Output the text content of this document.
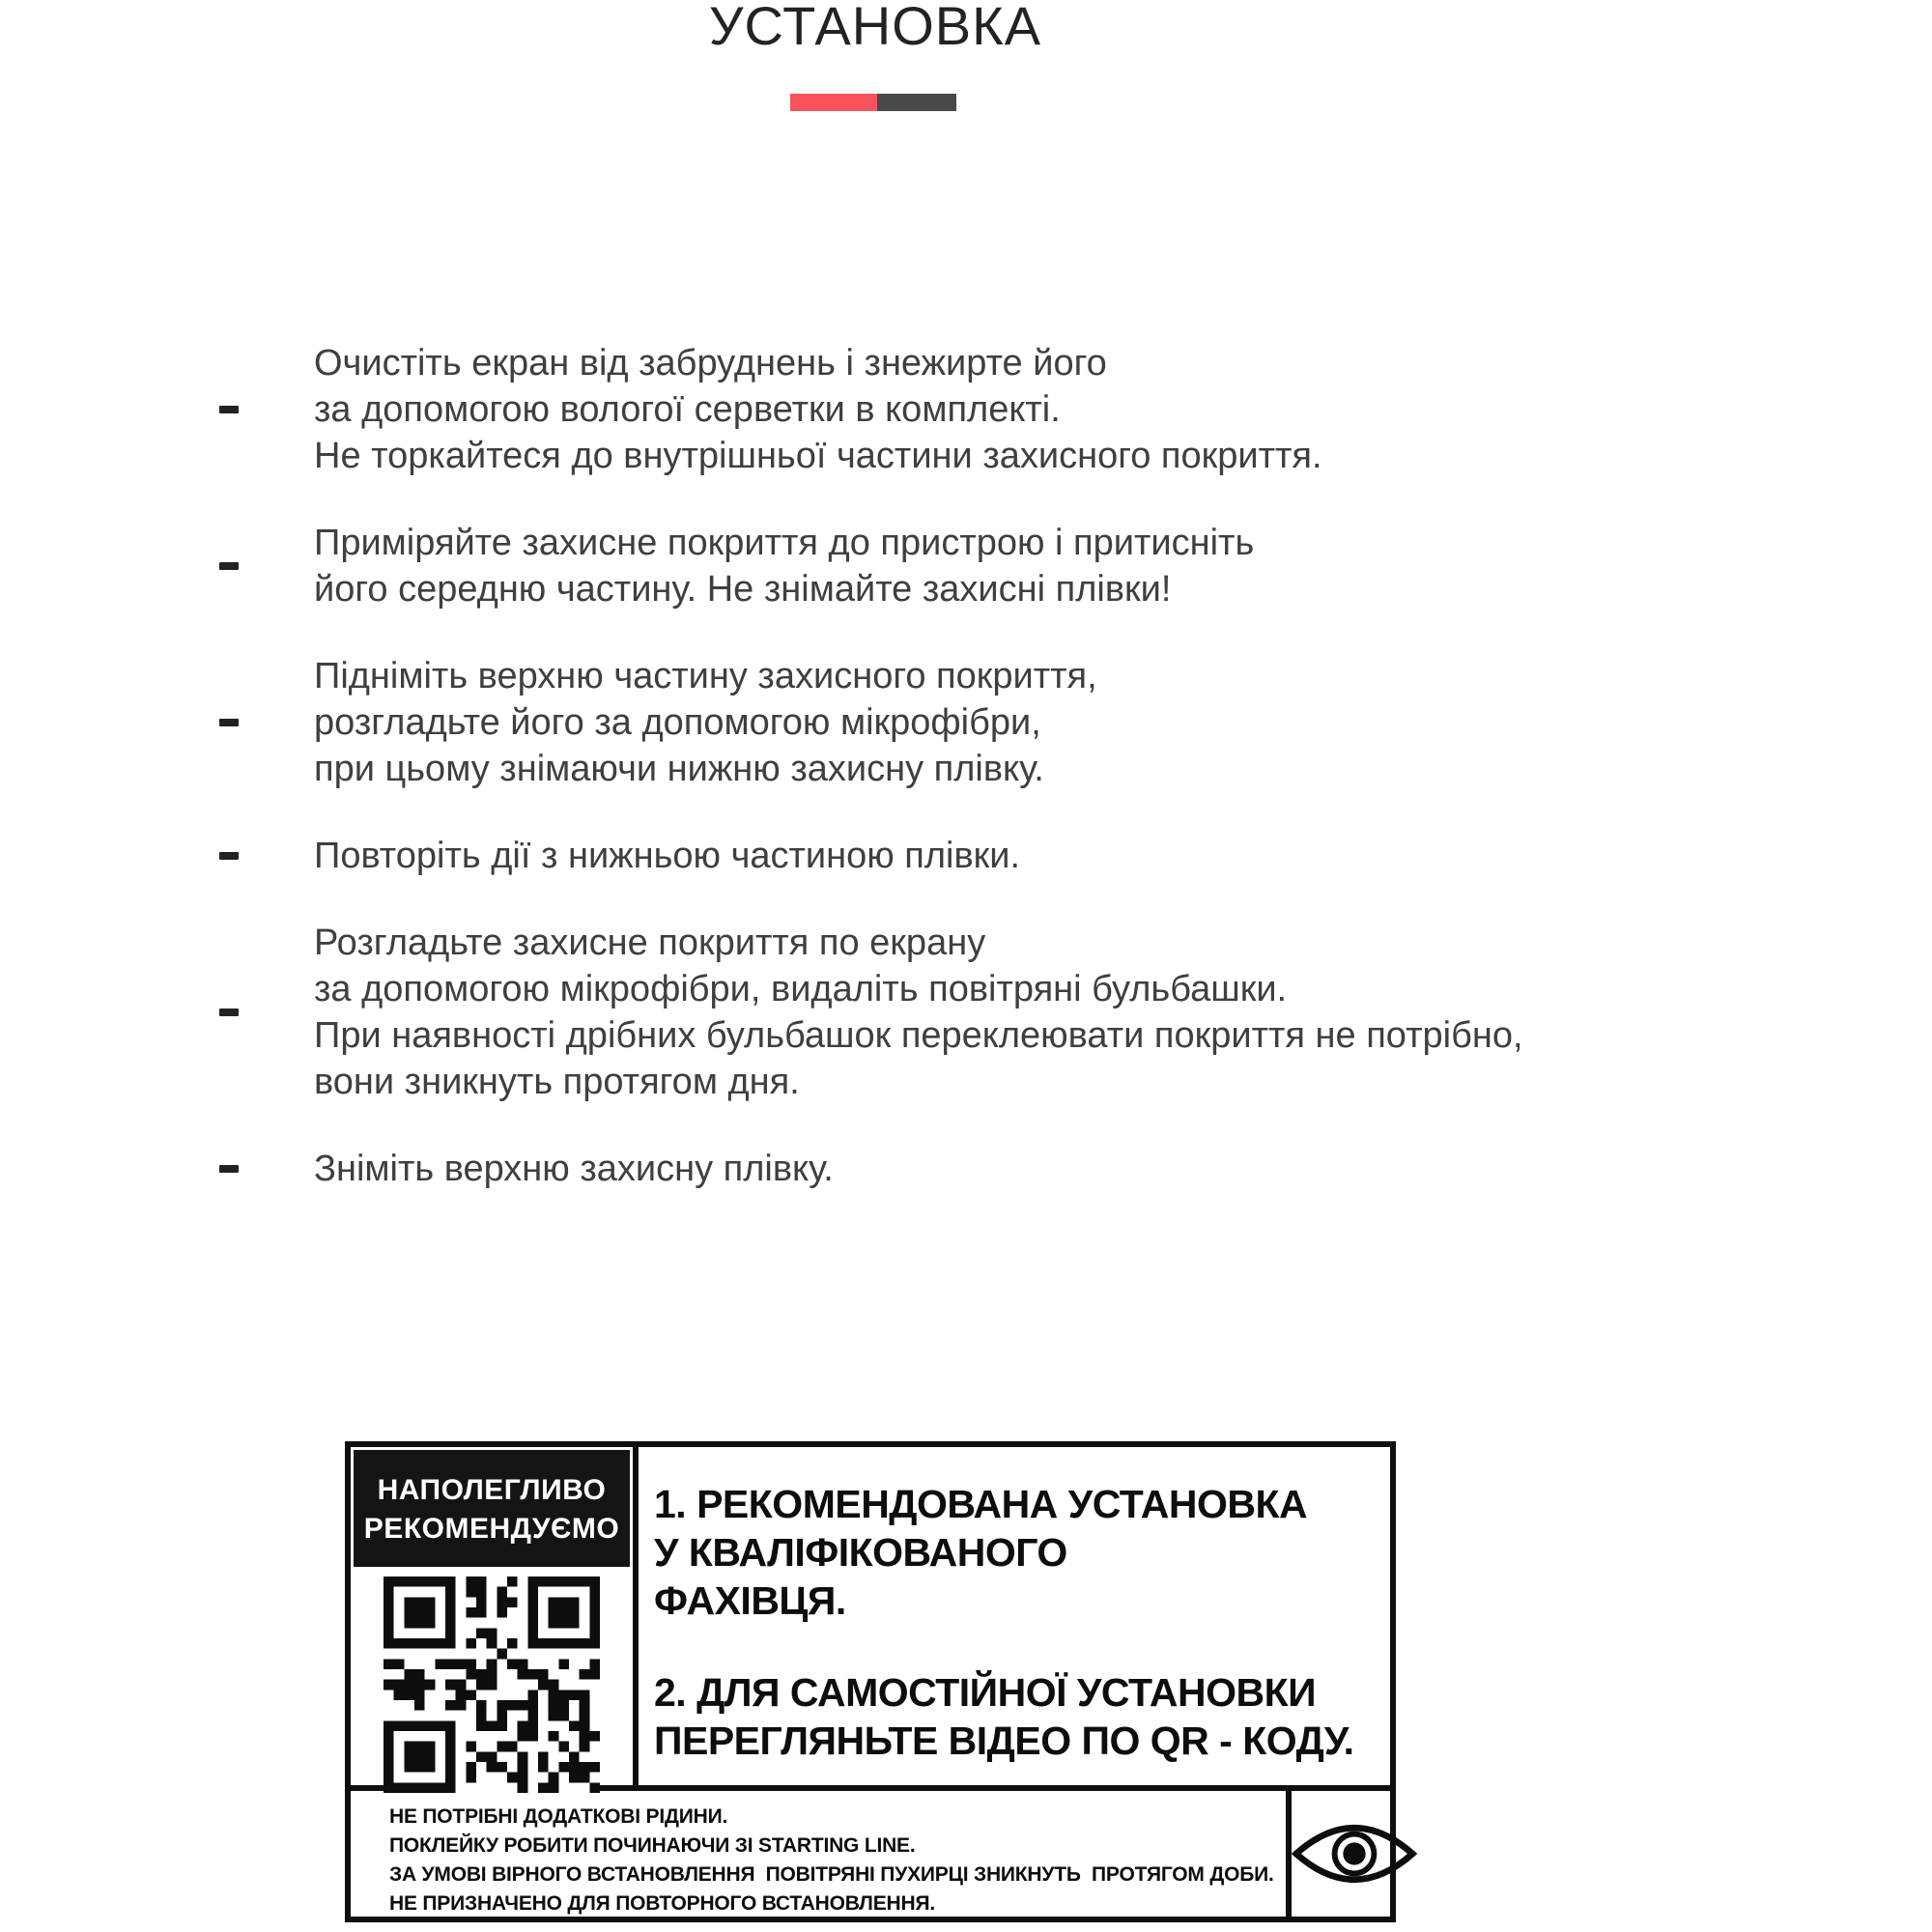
УСТАНОВКА
Очистіть екран від забруднень і знежирте його
за допомогою вологої серветки в комплекті.
Не торкайтеся до внутрішньої частини захисного покриття.
Приміряйте захисне покриття до пристрою і притисніть
його середню частину. Не знімайте захисні плівки!
Підніміть верхню частину захисного покриття,
розгладьте його за допомогою мікрофібри,
при цьому знімаючи нижню захисну плівку.
Повторіть дії з нижньою частиною плівки.
Розгладьте захисне покриття по екрану
за допомогою мікрофібри, видаліть повітряні бульбашки.
При наявності дрібних бульбашок переклеювати покриття не потрібно,
вони зникнуть протягом дня.
Зніміть верхню захисну плівку.
НАПОЛЕГЛИВО
РЕКОМЕНДУЄМО
1. РЕКОМЕНДОВАНА УСТАНОВКА
У КВАЛІФІКОВАНОГО
ФАХІВЦЯ.
2. ДЛЯ САМОСТІЙНОЇ УСТАНОВКИ
ПЕРЕГЛЯНЬТЕ ВІДЕО ПО QR - КОДУ.
НЕ ПОТРІБНІ ДОДАТКОВІ РІДИНИ.
ПОКЛЕЙКУ РОБИТИ ПОЧИНАЮЧИ ЗІ STARTING LINE.
ЗА УМОВІ ВІРНОГО ВСТАНОВЛЕННЯ  ПОВІТРЯНІ ПУХИРЦІ ЗНИКНУТЬ  ПРОТЯГОМ ДОБИ.
НЕ ПРИЗНАЧЕНО ДЛЯ ПОВТОРНОГО ВСТАНОВЛЕННЯ.
